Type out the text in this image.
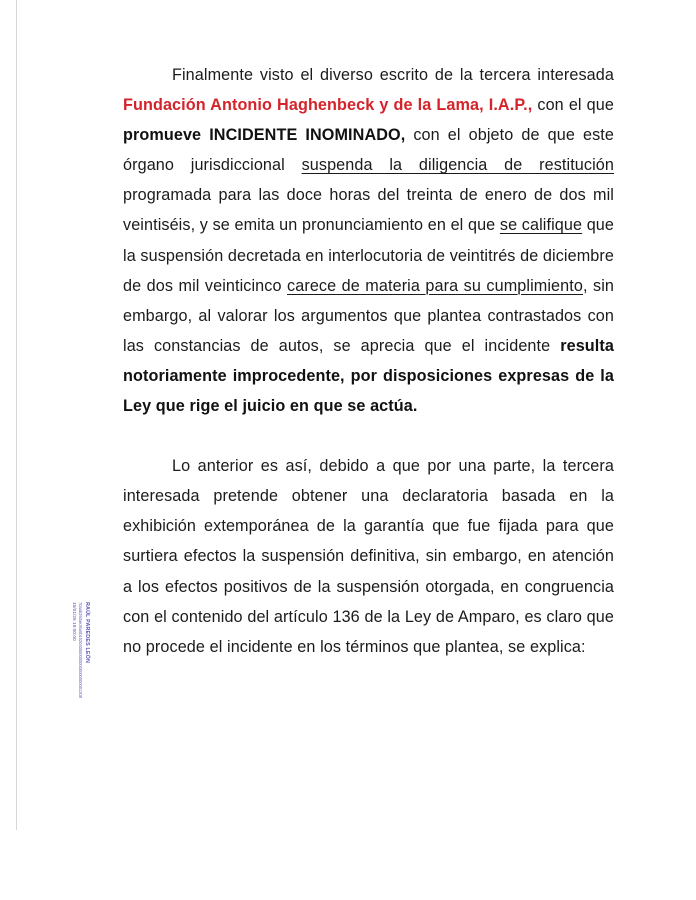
Finalmente visto el diverso escrito de la tercera interesada Fundación Antonio Haghenbeck y de la Lama, I.A.P., con el que promueve INCIDENTE INOMINADO, con el objeto de que este órgano jurisdiccional suspenda la diligencia de restitución programada para las doce horas del treinta de enero de dos mil veintiséis, y se emita un pronunciamiento en el que se califique que la suspensión decretada en interlocutoria de veintitrés de diciembre de dos mil veinticinco carece de materia para su cumplimiento, sin embargo, al valorar los argumentos que plantea contrastados con las constancias de autos, se aprecia que el incidente resulta notoriamente improcedente, por disposiciones expresas de la Ley que rige el juicio en que se actúa.

Lo anterior es así, debido a que por una parte, la tercera interesada pretende obtener una declaratoria basada en la exhibición extemporánea de la garantía que fue fijada para que surtiera efectos la suspensión definitiva, sin embargo, en atención a los efectos positivos de la suspensión otorgada, en congruencia con el contenido del artículo 136 de la Ley de Amparo, es claro que no procede el incidente en los términos que plantea, se explica:

RAÚL PAREDES LEÓN
70aab293ae36a6b1520400000000000000000001208
15/01/26 18:00:00
